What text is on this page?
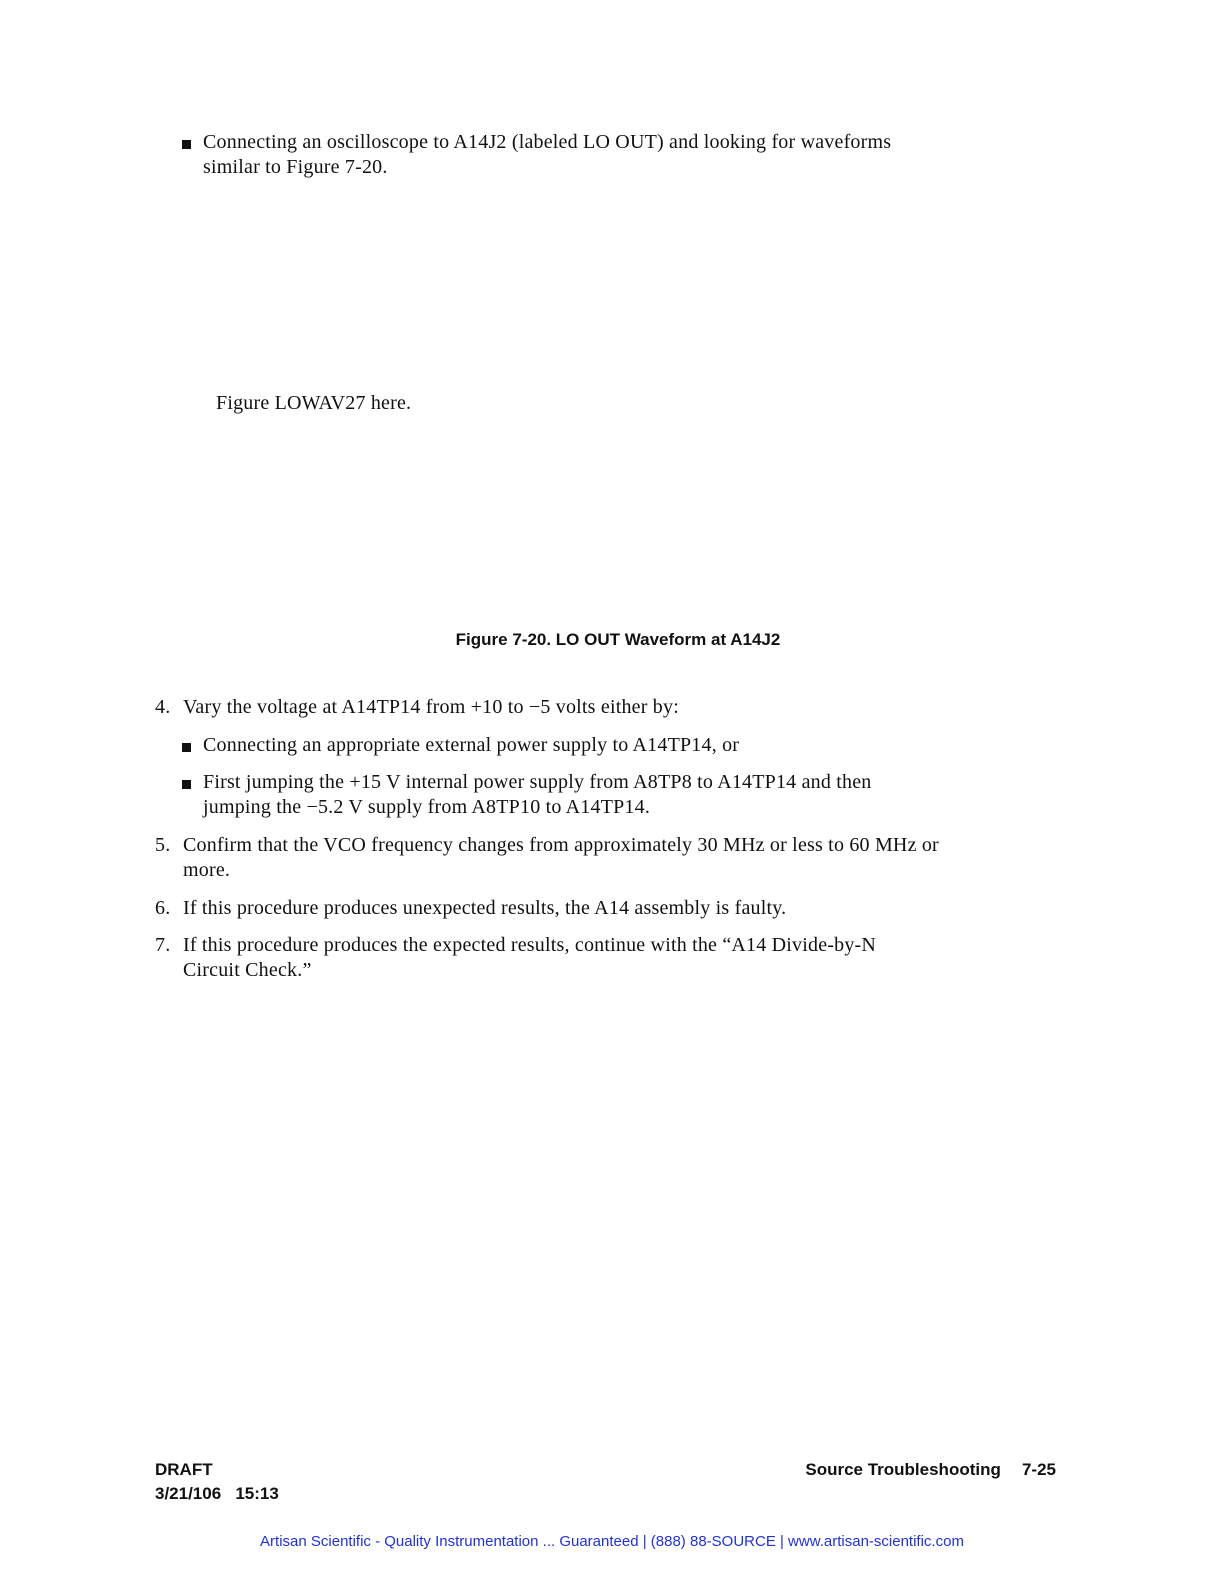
Connecting an oscilloscope to A14J2 (labeled LO OUT) and looking for waveforms
similar to Figure 7-20.
Figure LOWAV27 here.
Figure 7-20. LO OUT Waveform at A14J2
4. Vary the voltage at A14TP14 from +10 to −5 volts either by:
Connecting an appropriate external power supply to A14TP14, or
First jumping the +15 V internal power supply from A8TP8 to A14TP14 and then
jumping the −5.2 V supply from A8TP10 to A14TP14.
5. Confirm that the VCO frequency changes from approximately 30 MHz or less to 60 MHz or
more.
6. If this procedure produces unexpected results, the A14 assembly is faulty.
7. If this procedure produces the expected results, continue with the “A14 Divide-by-N
Circuit Check.”
DRAFT
3/21/106   15:13
Source Troubleshooting 7-25
Artisan Scientific - Quality Instrumentation ... Guaranteed | (888) 88-SOURCE | www.artisan-scientific.com
